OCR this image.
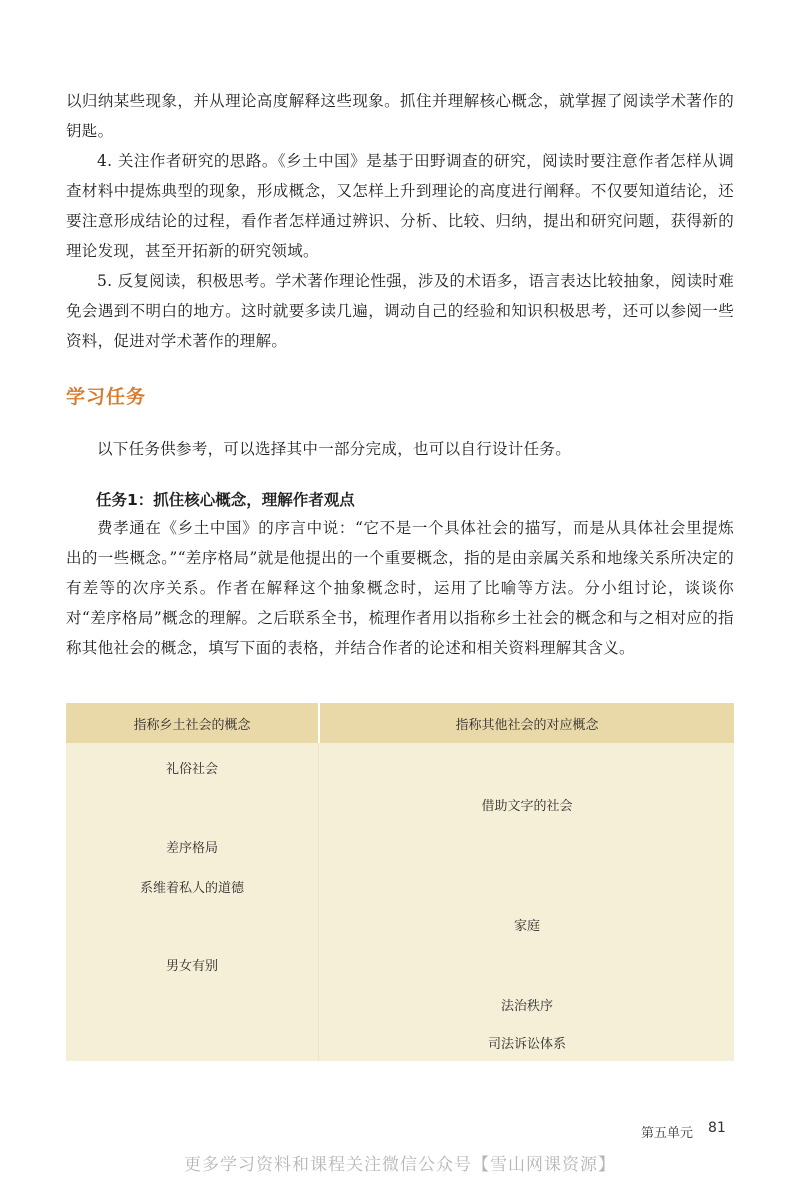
以归纳某些现象，并从理论高度解释这些现象。抓住并理解核心概念，就掌握了阅读学术著作的钥匙。

4. 关注作者研究的思路。《乡土中国》是基于田野调查的研究，阅读时要注意作者怎样从调查材料中提炼典型的现象，形成概念，又怎样上升到理论的高度进行阐释。不仅要知道结论，还要注意形成结论的过程，看作者怎样通过辨识、分析、比较、归纳，提出和研究问题，获得新的理论发现，甚至开拓新的研究领域。

5. 反复阅读，积极思考。学术著作理论性强，涉及的术语多，语言表达比较抽象，阅读时难免会遇到不明白的地方。这时就要多读几遍，调动自己的经验和知识积极思考，还可以参阅一些资料，促进对学术著作的理解。

学习任务

以下任务供参考，可以选择其中一部分完成，也可以自行设计任务。

任务1：抓住核心概念，理解作者观点

费孝通在《乡土中国》的序言中说：“它不是一个具体社会的描写，而是从具体社会里提炼出的一些概念。”“差序格局”就是他提出的一个重要概念，指的是由亲属关系和地缘关系所决定的有差等的次序关系。作者在解释这个抽象概念时，运用了比喻等方法。分小组讨论，谈谈你对“差序格局”概念的理解。之后联系全书，梳理作者用以指称乡土社会的概念和与之相对应的指称其他社会的概念，填写下面的表格，并结合作者的论述和相关资料理解其含义。

指称乡土社会的概念	指称其他社会的对应概念
礼俗社会
借助文字的社会
差序格局
系维着私人的道德
家庭
男女有别
法治秩序
司法诉讼体系
第五单元 81
更多学习资料和课程关注微信公众号【雪山网课资源】
